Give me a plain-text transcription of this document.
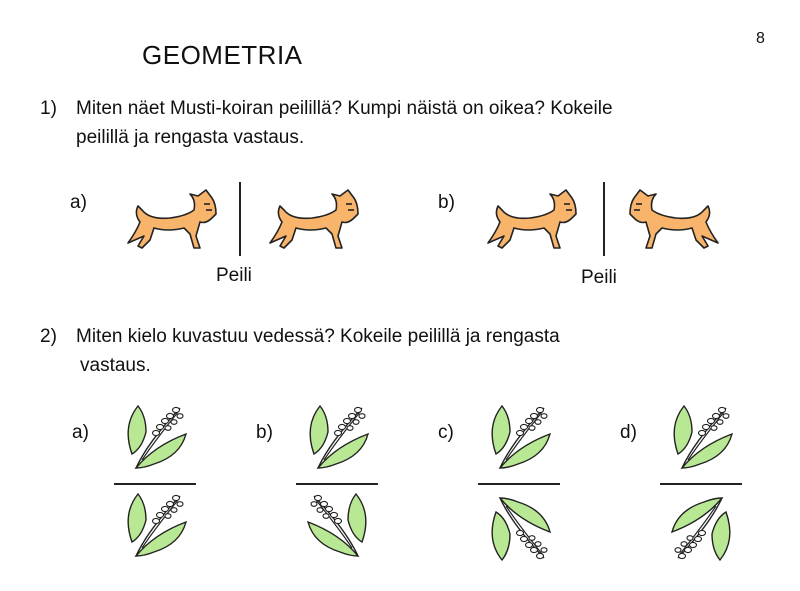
8
GEOMETRIA
1) Miten näet Musti-koiran peilillä? Kumpi näistä on oikea? Kokeile
peilillä ja rengasta vastaus.
a)
Peili
b)
Peili
2) Miten kielo kuvastuu vedessä? Kokeile peilillä ja rengasta
vastaus.
a)	b)	c)	d)
